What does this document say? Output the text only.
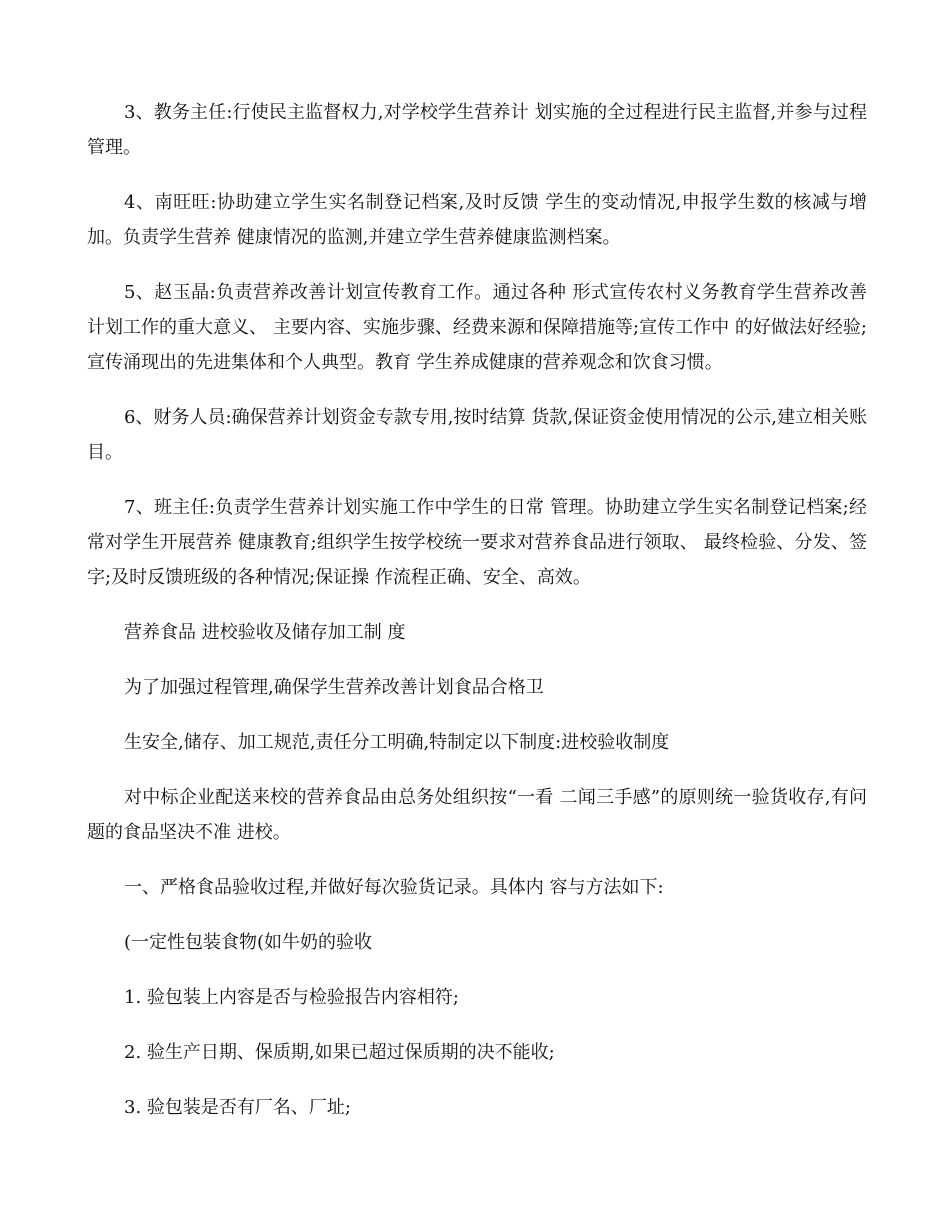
3、教务主任:行使民主监督权力,对学校学生营养计 划实施的全过程进行民主监督,并参与过程管理。

4、南旺旺:协助建立学生实名制登记档案,及时反馈 学生的变动情况,申报学生数的核减与增加。负责学生营养 健康情况的监测,并建立学生营养健康监测档案。

5、赵玉晶:负责营养改善计划宣传教育工作。通过各种 形式宣传农村义务教育学生营养改善计划工作的重大意义、 主要内容、实施步骤、经费来源和保障措施等;宣传工作中 的好做法好经验;宣传涌现出的先进集体和个人典型。教育 学生养成健康的营养观念和饮食习惯。

6、财务人员:确保营养计划资金专款专用,按时结算 货款,保证资金使用情况的公示,建立相关账目。

7、班主任:负责学生营养计划实施工作中学生的日常 管理。协助建立学生实名制登记档案;经常对学生开展营养 健康教育;组织学生按学校统一要求对营养食品进行领取、 最终检验、分发、签字;及时反馈班级的各种情况;保证操 作流程正确、安全、高效。

营养食品 进校验收及储存加工制 度

为了加强过程管理,确保学生营养改善计划食品合格卫

生安全,储存、加工规范,责任分工明确,特制定以下制度:进校验收制度

对中标企业配送来校的营养食品由总务处组织按“一看 二闻三手感”的原则统一验货收存,有问题的食品坚决不准 进校。

一、严格食品验收过程,并做好每次验货记录。具体内 容与方法如下:

(一定性包装食物(如牛奶的验收

1. 验包装上内容是否与检验报告内容相符;

2. 验生产日期、保质期,如果已超过保质期的决不能收;

3. 验包装是否有厂名、厂址;
